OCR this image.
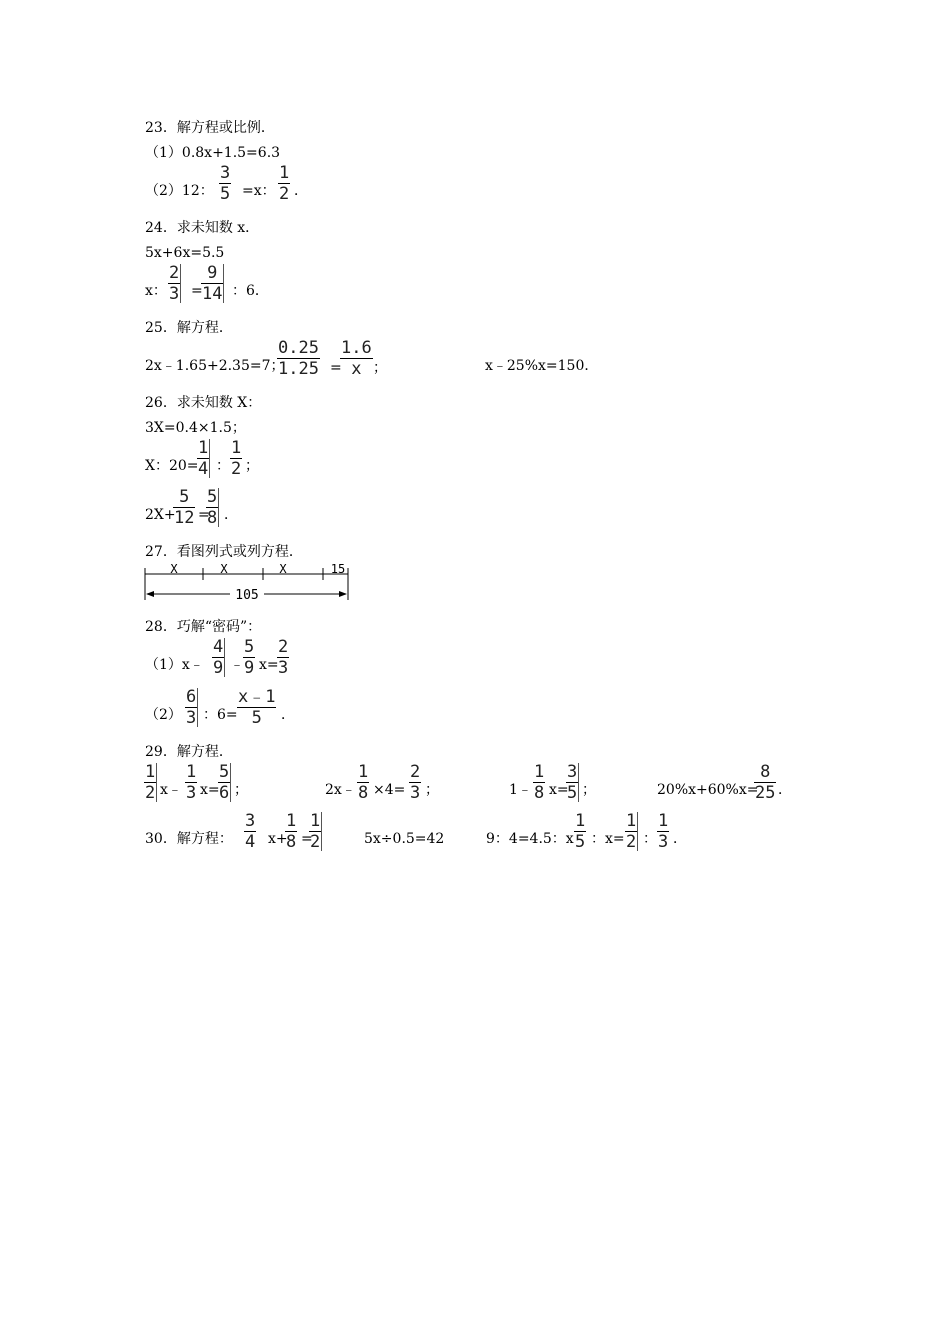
23．解方程或比例．
（1）0.8x+1.5=6.3
（2）12：
3
5 =x：
1
2 ．
24．求未知数 x．
5x+6x=5.5
x：
2
3 =
9
14 ：6．
25．解方程．
2x﹣1.65+2.35=7；
0.25
1.25 =
1.6
x ；	x﹣25%x=150．
26．求未知数 X：
3X=0.4×1.5；
X：20=
1
4 ：
1
2 ；
2X+
5
12 =
5
8 ．
27．看图列式或列方程．
X	X	X	15
105
28．巧解“密码”：
（1）x﹣
4
9 ﹣
5
9 x=
2
3
（2）
6
3 ：6=
x﹣1
5	．
29．解方程．
1
2 x﹣
1
3 x=
5
6 ；	2x﹣
1
8 ×4=
2
3 ；	1﹣
1
8 x=
3
5 ；	20%x+60%x=
8
25 ．
30．解方程：
3
4 x+
1
8 =
1
2	5x÷0.5=42	9：4=4.5：x
1
5 ：x=
1
2 ：
1
3 ．
